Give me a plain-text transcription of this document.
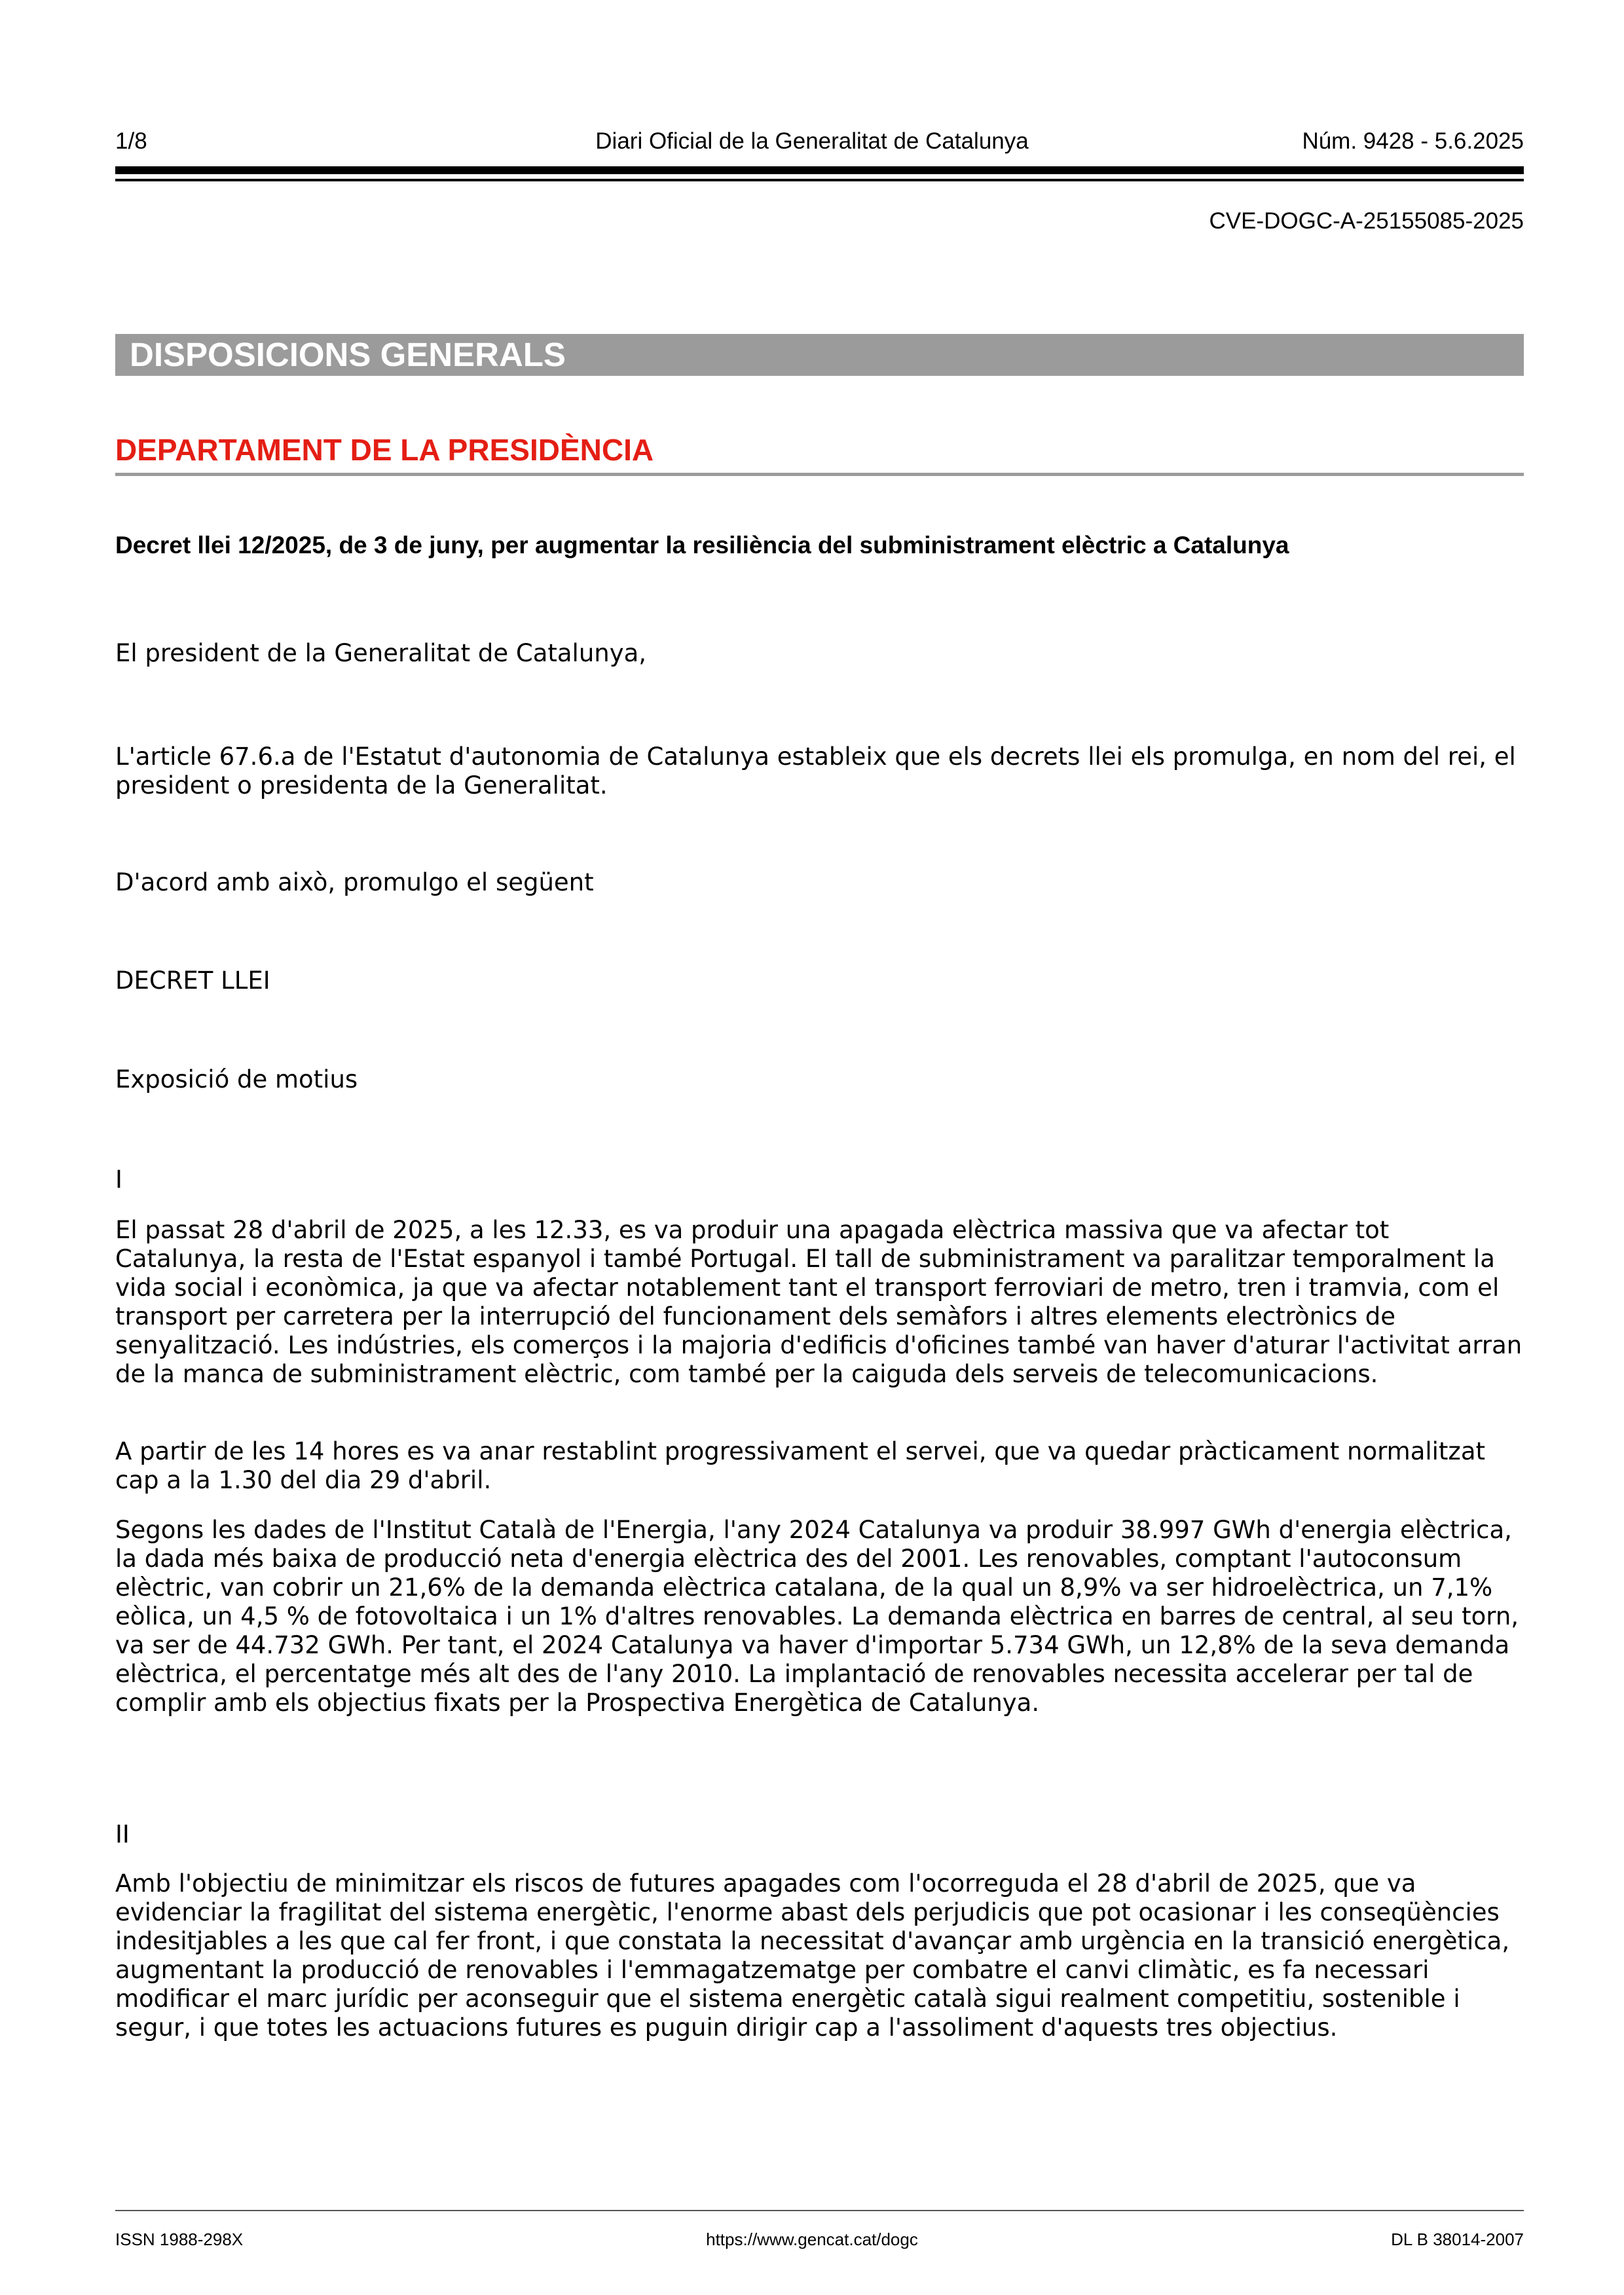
1/8	Diari Oficial de la Generalitat de Catalunya	Núm. 9428 - 5.6.2025
CVE-DOGC-A-25155085-2025
DISPOSICIONS GENERALS
DEPARTAMENT DE LA PRESIDÈNCIA
Decret llei 12/2025, de 3 de juny, per augmentar la resiliència del subministrament elèctric a Catalunya

El president de la Generalitat de Catalunya,

L'article 67.6.a de l'Estatut d'autonomia de Catalunya estableix que els decrets llei els promulga, en nom del rei, el president o presidenta de la Generalitat.

D'acord amb això, promulgo el següent

DECRET LLEI

Exposició de motius

I

El passat 28 d'abril de 2025, a les 12.33, es va produir una apagada elèctrica massiva que va afectar tot Catalunya, la resta de l'Estat espanyol i també Portugal. El tall de subministrament va paralitzar temporalment la vida social i econòmica, ja que va afectar notablement tant el transport ferroviari de metro, tren i tramvia, com el transport per carretera per la interrupció del funcionament dels semàfors i altres elements electrònics de senyalització. Les indústries, els comerços i la majoria d'edificis d'oficines també van haver d'aturar l'activitat arran de la manca de subministrament elèctric, com també per la caiguda dels serveis de telecomunicacions.

A partir de les 14 hores es va anar restablint progressivament el servei, que va quedar pràcticament normalitzat cap a la 1.30 del dia 29 d'abril.

Segons les dades de l'Institut Català de l'Energia, l'any 2024 Catalunya va produir 38.997 GWh d'energia elèctrica, la dada més baixa de producció neta d'energia elèctrica des del 2001. Les renovables, comptant l'autoconsum elèctric, van cobrir un 21,6% de la demanda elèctrica catalana, de la qual un 8,9% va ser hidroelèctrica, un 7,1% eòlica, un 4,5 % de fotovoltaica i un 1% d'altres renovables. La demanda elèctrica en barres de central, al seu torn, va ser de 44.732 GWh. Per tant, el 2024 Catalunya va haver d'importar 5.734 GWh, un 12,8% de la seva demanda elèctrica, el percentatge més alt des de l'any 2010. La implantació de renovables necessita accelerar per tal de complir amb els objectius fixats per la Prospectiva Energètica de Catalunya.

II

Amb l'objectiu de minimitzar els riscos de futures apagades com l'ocorreguda el 28 d'abril de 2025, que va evidenciar la fragilitat del sistema energètic, l'enorme abast dels perjudicis que pot ocasionar i les conseqüències indesitjables a les que cal fer front, i que constata la necessitat d'avançar amb urgència en la transició energètica, augmentant la producció de renovables i l'emmagatzematge per combatre el canvi climàtic, es fa necessari modificar el marc jurídic per aconseguir que el sistema energètic català sigui realment competitiu, sostenible i segur, i que totes les actuacions futures es puguin dirigir cap a l'assoliment d'aquests tres objectius.

ISSN 1988-298X	https://www.gencat.cat/dogc	DL B 38014-2007
